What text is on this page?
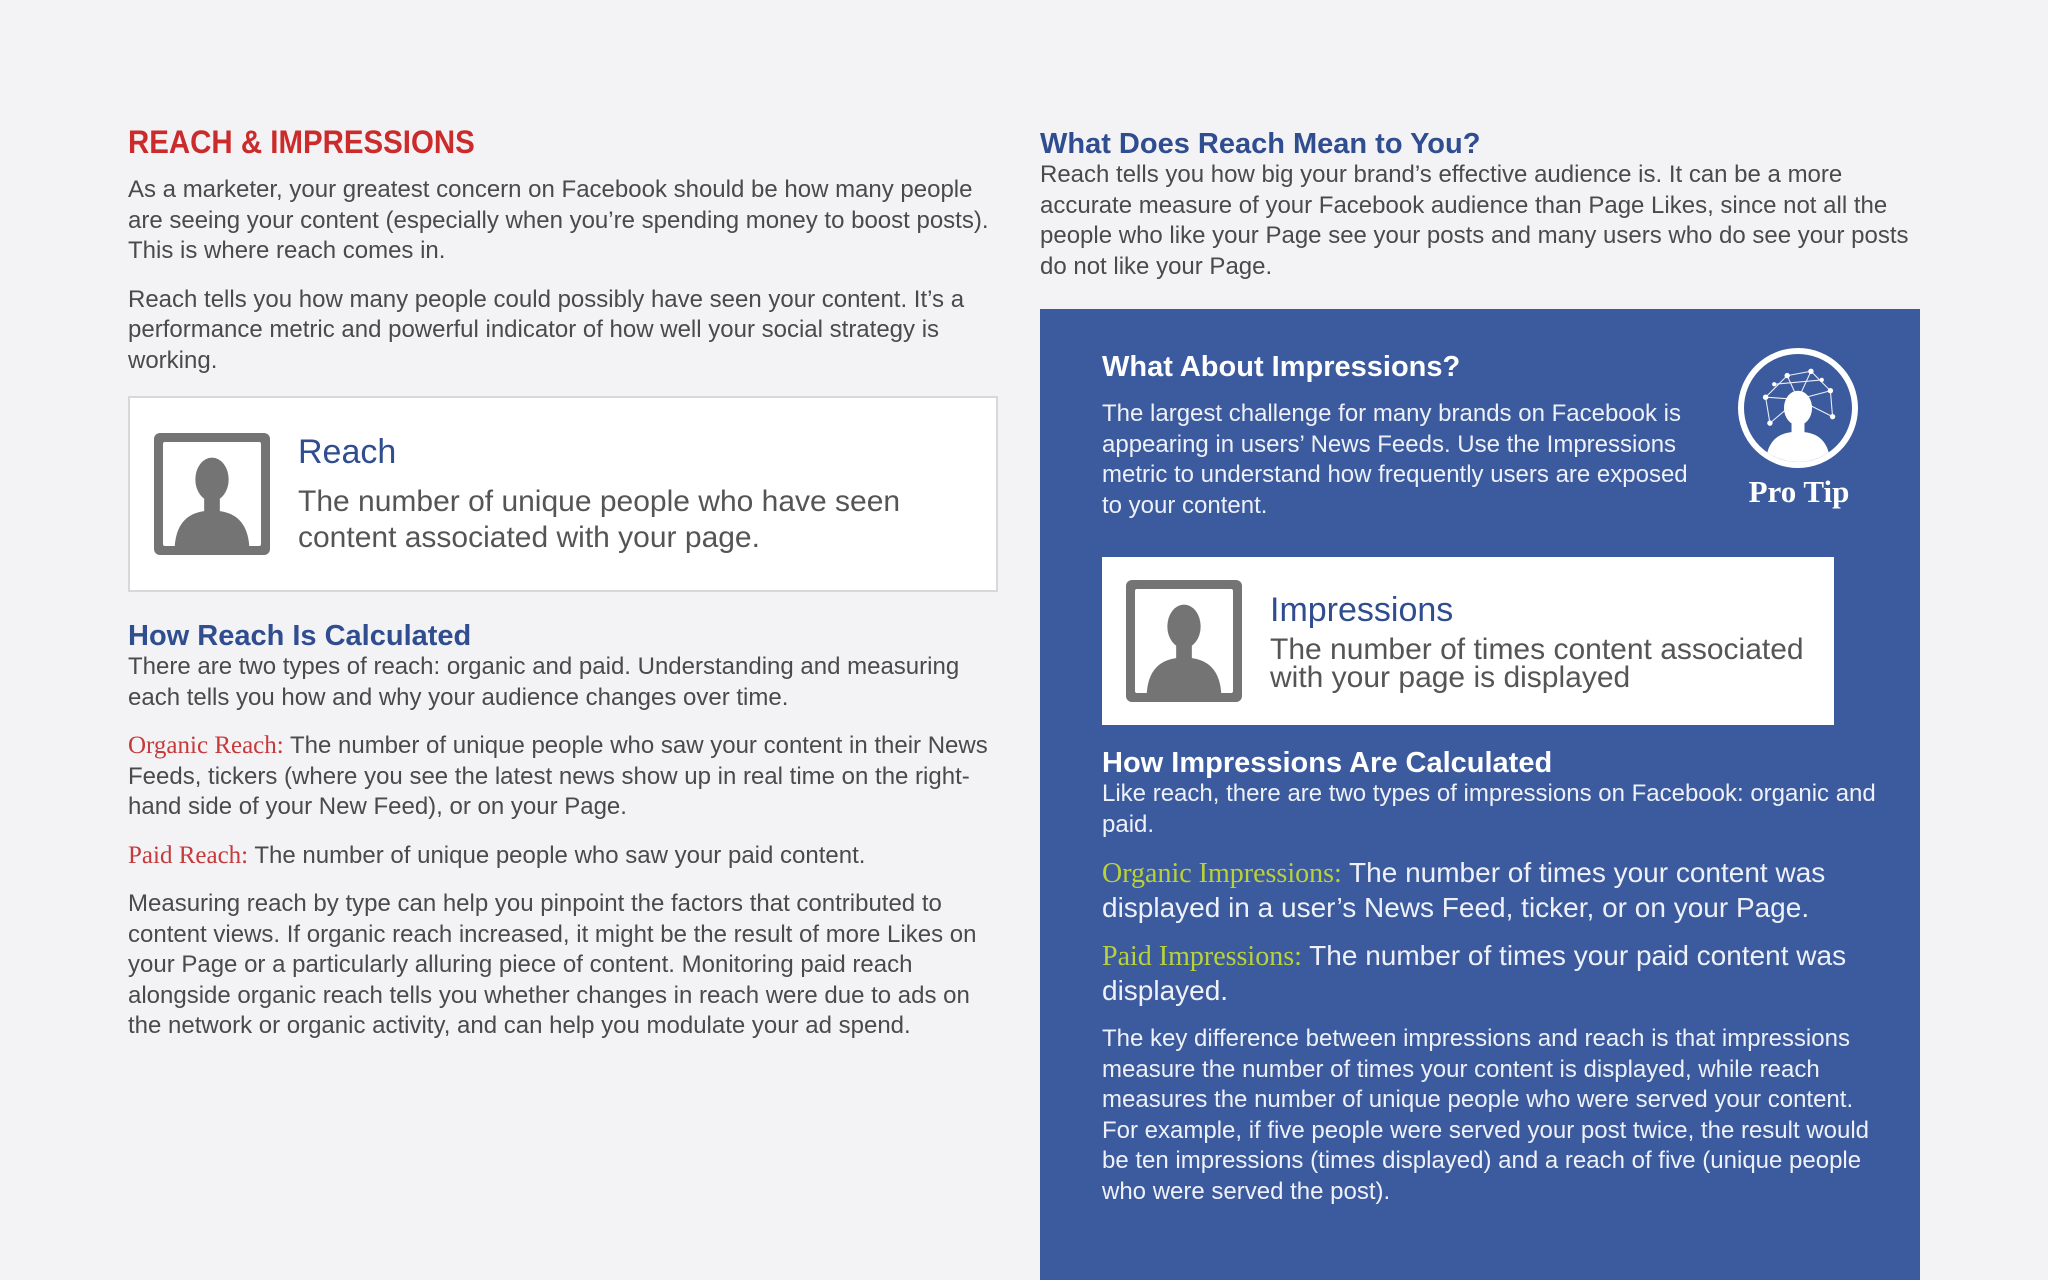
REACH & IMPRESSIONS

As a marketer, your greatest concern on Facebook should be how many people are seeing your content (especially when you’re spending money to boost posts). This is where reach comes in.

Reach tells you how many people could possibly have seen your content. It’s a performance metric and powerful indicator of how well your social strategy is working.

Reach
The number of unique people who have seen content associated with your page.
How Reach Is Calculated

There are two types of reach: organic and paid. Understanding and measuring each tells you how and why your audience changes over time.

Organic Reach: The number of unique people who saw your content in their News Feeds, tickers (where you see the latest news show up in real time on the right-hand side of your New Feed), or on your Page.

Paid Reach: The number of unique people who saw your paid content.

Measuring reach by type can help you pinpoint the factors that contributed to content views. If organic reach increased, it might be the result of more Likes on your Page or a particularly alluring piece of content. Monitoring paid reach alongside organic reach tells you whether changes in reach were due to ads on the network or organic activity, and can help you modulate your ad spend.

What Does Reach Mean to You?

Reach tells you how big your brand’s effective audience is. It can be a more accurate measure of your Facebook audience than Page Likes, since not all the people who like your Page see your posts and many users who do see your posts do not like your Page.

What About Impressions?

The largest challenge for many brands on Facebook is appearing in users’ News Feeds. Use the Impressions metric to understand how frequently users are exposed to your content.

How Impressions Are Calculated

Like reach, there are two types of impressions on Facebook: organic and paid.

Organic Impressions: The number of times your content was displayed in a user’s News Feed, ticker, or on your Page.

Paid Impressions: The number of times your paid content was displayed.

The key difference between impressions and reach is that impressions measure the number of times your content is displayed, while reach measures the number of unique people who were served your content. For example, if five people were served your post twice, the result would be ten impressions (times displayed) and a reach of five (unique people who were served the post).

Pro Tip
Impressions
The number of times content associated with your page is displayed
